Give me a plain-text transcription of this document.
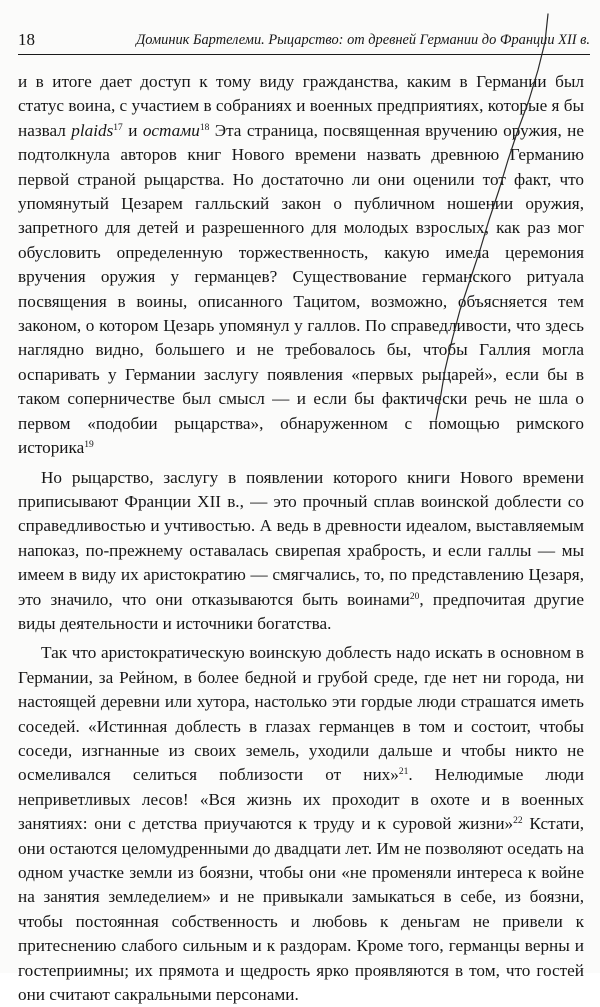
18	Доминик Бартелеми. Рыцарство: от древней Германии до Франции XII в.

и в итоге дает доступ к тому виду гражданства, каким в Германии был статус воина, с участием в собраниях и военных предприятиях, которые я бы назвал plaids$^{17}$ и остами$^{18}$ Эта страница, посвященная вручению оружия, не подтолкнула авторов книг Нового времени назвать древнюю Германию первой страной рыцарства. Но достаточно ли они оценили тот факт, что упомянутый Цезарем галльский закон о публичном ношении оружия, запретного для детей и разрешенного для молодых взрослых, как раз мог обусловить определенную торжественность, какую имела церемония вручения оружия у германцев? Существование германского ритуала посвящения в воины, описанного Тацитом, возможно, объясняется тем законом, о котором Цезарь упомянул у галлов. По справедливости, что здесь наглядно видно, большего и не требовалось бы, чтобы Галлия могла оспаривать у Германии заслугу появления «первых рыцарей», если бы в таком соперничестве был смысл — и если бы фактически речь не шла о первом «подобии рыцарства», обнаруженном с помощью римского историка$^{19}$

Но рыцарство, заслугу в появлении которого книги Нового времени приписывают Франции XII в., — это прочный сплав воинской доблести со справедливостью и учтивостью. А ведь в древности идеалом, выставляемым напоказ, по-прежнему оставалась свирепая храбрость, и если галлы — мы имеем в виду их аристократию — смягчались, то, по представлению Цезаря, это значило, что они отказываются быть воинами$^{20}$, предпочитая другие виды деятельности и источники богатства.

Так что аристократическую воинскую доблесть надо искать в основном в Германии, за Рейном, в более бедной и грубой среде, где нет ни города, ни настоящей деревни или хутора, настолько эти гордые люди страшатся иметь соседей. «Истинная доблесть в глазах германцев в том и состоит, чтобы соседи, изгнанные из своих земель, уходили дальше и чтобы никто не осмеливался селиться поблизости от них»$^{21}$. Нелюдимые люди неприветливых лесов! «Вся жизнь их проходит в охоте и в военных занятиях: они с детства приучаются к труду и к суровой жизни»$^{22}$ Кстати, они остаются целомудренными до двадцати лет. Им не позволяют оседать на одном участке земли из боязни, чтобы они «не променяли интереса к войне на занятия земледелием» и не привыкали замыкаться в себе, из боязни, чтобы постоянная собственность и любовь к деньгам не привели к притеснению слабого сильным и к раздорам. Кроме того, германцы верны и гостеприимны; их прямота и щедрость ярко проявляются в том, что гостей они считают сакральными персонами.
